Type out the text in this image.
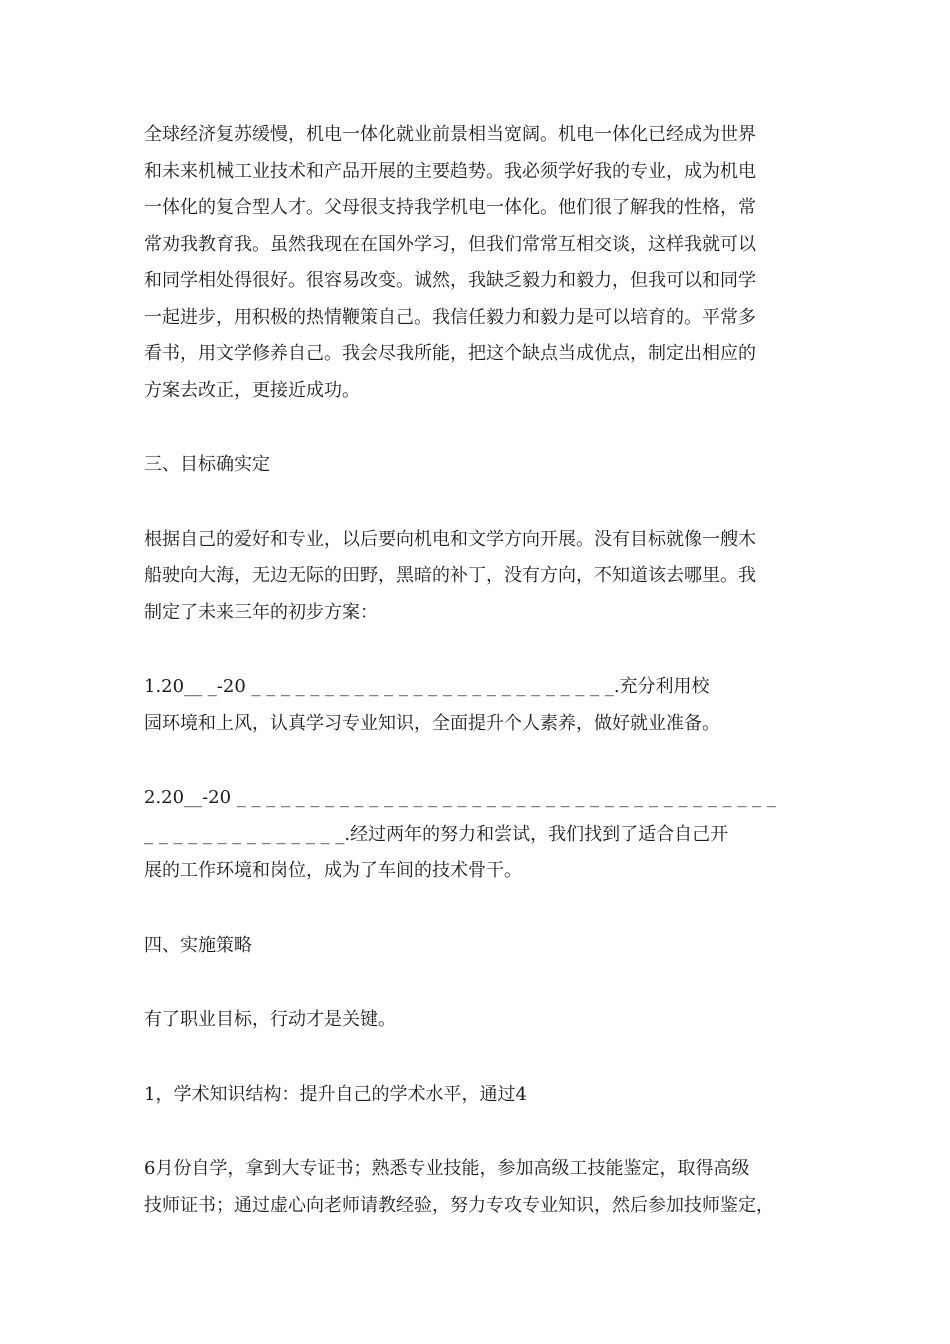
全球经济复苏缓慢，机电一体化就业前景相当宽阔。机电一体化已经成为世界
和未来机械工业技术和产品开展的主要趋势。我必须学好我的专业，成为机电
一体化的复合型人才。父母很支持我学机电一体化。他们很了解我的性格，常
常劝我教育我。虽然我现在在国外学习，但我们常常互相交谈，这样我就可以
和同学相处得很好。很容易改变。诚然，我缺乏毅力和毅力，但我可以和同学
一起进步，用积极的热情鞭策自己。我信任毅力和毅力是可以培育的。平常多
看书，用文学修养自己。我会尽我所能，把这个缺点当成优点，制定出相应的
方案去改正，更接近成功。
三、目标确实定
根据自己的爱好和专业，以后要向机电和文学方向开展。没有目标就像一艘木
船驶向大海，无边无际的田野，黑暗的补丁，没有方向，不知道该去哪里。我
制定了未来三年的初步方案：
1.20__ _-20 _ _ _ _ _ _ _ _ _ _ _ _ _ _ _ _ _ _ _ _ _ _ _ _ _.充分利用校
园环境和上风，认真学习专业知识，全面提升个人素养，做好就业准备。
2.20__-20 _ _ _ _ _ _ _ _ _ _ _ _ _ _ _ _ _ _ _ _ _ _ _ _ _ _ _ _ _ _ _ _ _ _ _ _ _
_ _ _ _ _ _ _ _ _ _ _ _ _ _.经过两年的努力和尝试，我们找到了适合自己开
展的工作环境和岗位，成为了车间的技术骨干。
四、实施策略
有了职业目标，行动才是关键。
1，学术知识结构：提升自己的学术水平，通过4
6月份自学，拿到大专证书；熟悉专业技能，参加高级工技能鉴定，取得高级
技师证书；通过虚心向老师请教经验，努力专攻专业知识，然后参加技师鉴定，
